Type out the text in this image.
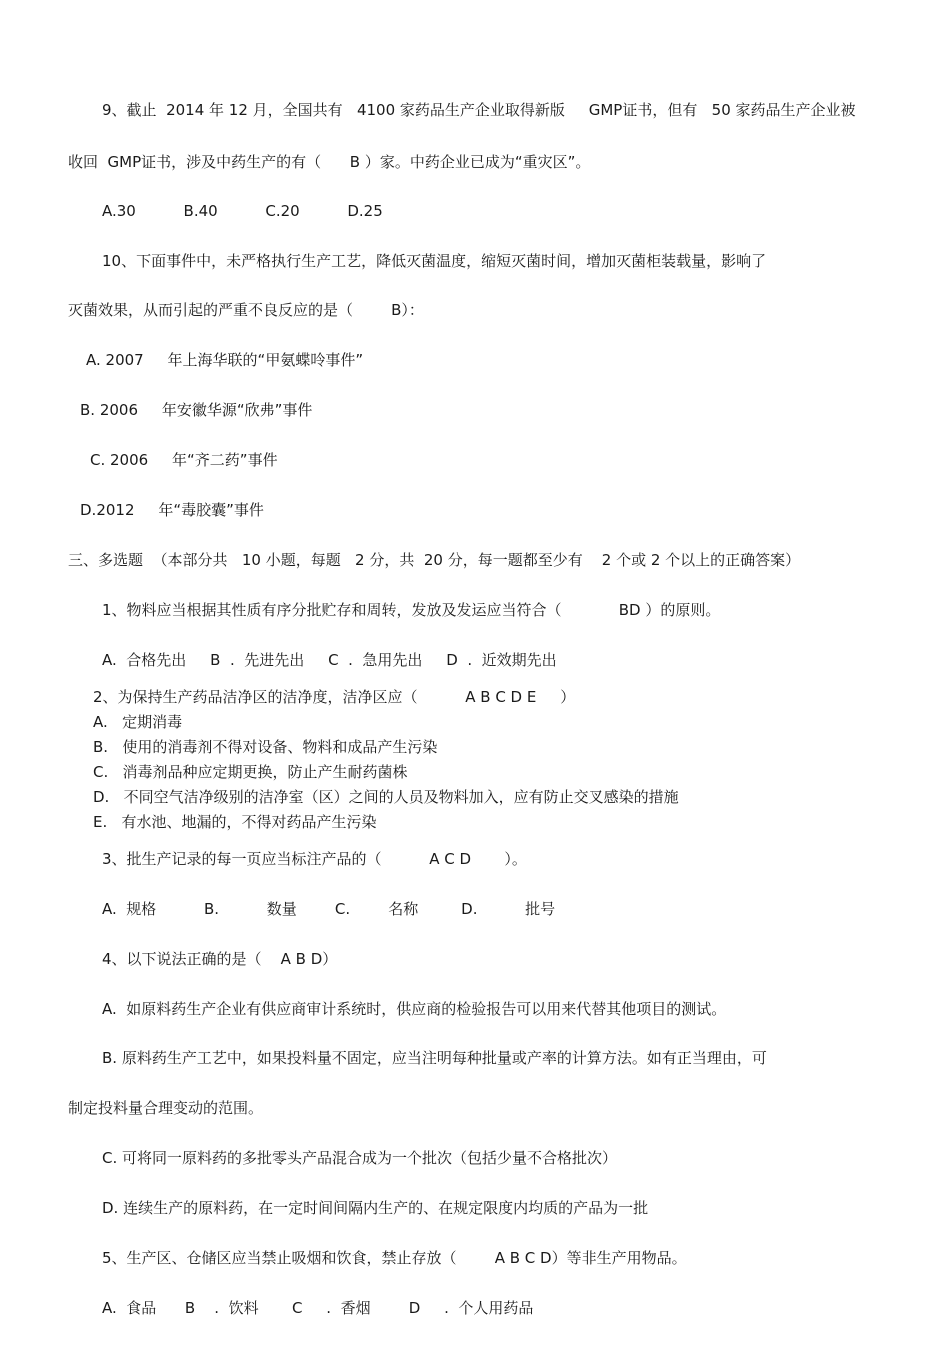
9、截止  2014 年 12 月，全国共有   4100 家药品生产企业取得新版     GMP证书，但有   50 家药品生产企业被
收回  GMP证书，涉及中药生产的有（      B ）家。中药企业已成为“重灾区”。
A.30          B.40          C.20          D.25
10、下面事件中，未严格执行生产工艺，降低灭菌温度，缩短灭菌时间，增加灭菌柜装载量，影响了
灭菌效果，从而引起的严重不良反应的是（        B）：
A. 2007     年上海华联的“甲氨蝶呤事件”
B. 2006     年安徽华源“欣弗”事件
C. 2006     年“齐二药”事件
D.2012     年“毒胶囊”事件
三、多选题  （本部分共   10 小题，每题   2 分，共  20 分，每一题都至少有    2 个或 2 个以上的正确答案）
1、物料应当根据其性质有序分批贮存和周转，发放及发运应当符合（            BD ）的原则。
A.  合格先出     B  .  先进先出     C  .  急用先出     D  .  近效期先出
2、为保持生产药品洁净区的洁净度，洁净区应（          A B C D E     ）
A.   定期消毒
B.   使用的消毒剂不得对设备、物料和成品产生污染
C.   消毒剂品种应定期更换，防止产生耐药菌株
D.   不同空气洁净级别的洁净室（区）之间的人员及物料加入，应有防止交叉感染的措施
E.   有水池、地漏的，不得对药品产生污染
3、批生产记录的每一页应当标注产品的（          A C D       ）。
A.  规格          B.          数量        C.        名称         D.          批号
4、以下说法正确的是（    A B D）
A.  如原料药生产企业有供应商审计系统时，供应商的检验报告可以用来代替其他项目的测试。
B. 原料药生产工艺中，如果投料量不固定，应当注明每种批量或产率的计算方法。如有正当理由，可
制定投料量合理变动的范围。
C. 可将同一原料药的多批零头产品混合成为一个批次（包括少量不合格批次）
D. 连续生产的原料药，在一定时间间隔内生产的、在规定限度内均质的产品为一批
5、生产区、仓储区应当禁止吸烟和饮食，禁止存放（        A B C D）等非生产用物品。
A.  食品      B    .  饮料       C     .  香烟        D     .  个人用药品
